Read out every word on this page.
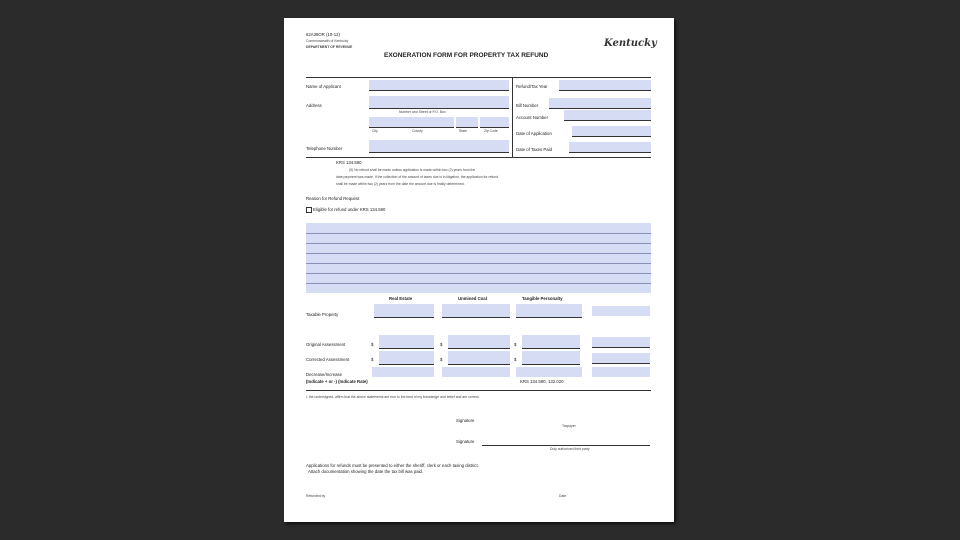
62A38OR (10-12)
Commonwealth of Kentucky
DEPARTMENT OF REVENUE
EXONERATION FORM FOR PROPERTY TAX REFUND
Kentucky
Name of Applicant
Address
Number and Street or P.O. Box
City	County	State	Zip Code
Telephone Number
Refund/Tax Year
Bill Number
Account Number
Date of Application
Date of Taxes Paid
KRS 134.590
(5) No refund shall be made unless application is made within two (2) years from the
date payment was made. If the collection of the amount of taxes due is in litigation, the application for refund
shall be made within two (2) years from the date the amount due is finally determined.
Reason for Refund Request
Eligible for refund under KRS 134.590
Real Estate	Unmined Coal	Tangible Personalty
Taxable Property
Original Assessment	$	$	$
Corrected Assessment	$	$	$
Decrease/Increase
(Indicate + or -) (Indicate Rate)	KRS 134.590, 132.020
I, the undersigned, affirm that the above statements are true to the best of my knowledge and belief and are correct.
Signature
Taxpayer
Signature
Duly authorized third party
Applications for refunds must be presented to either the sheriff, clerk or each taxing district.
Attach documentation showing the date the tax bill was paid.
Refunded by	Date
